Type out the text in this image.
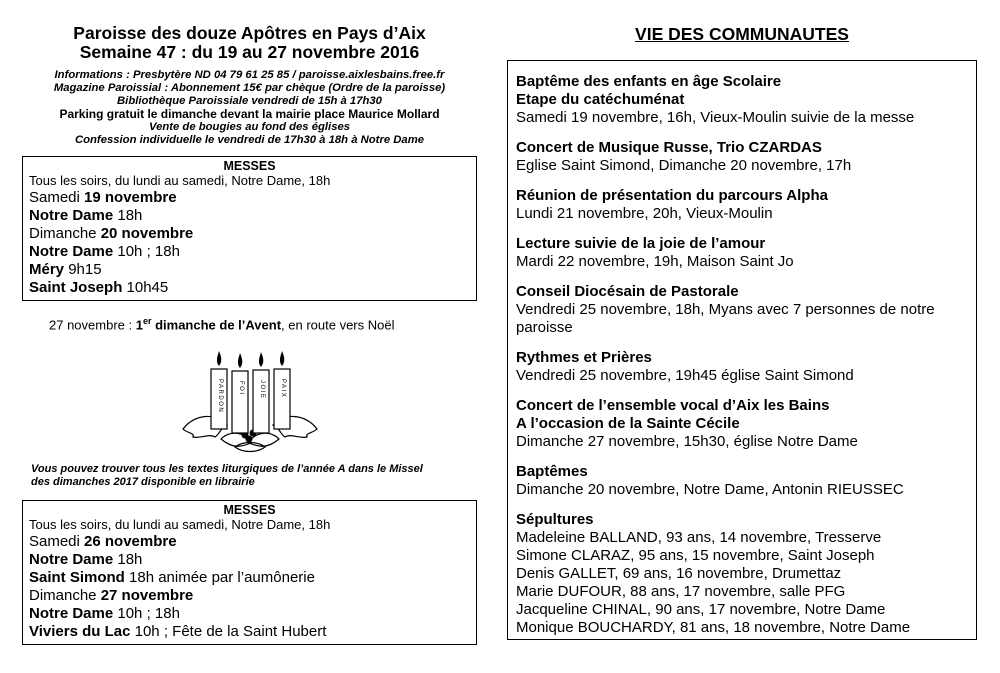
Paroisse des douze Apôtres en Pays d’Aix
Semaine 47 : du 19 au 27 novembre 2016
Informations : Presbytère ND 04 79 61 25 85 / paroisse.aixlesbains.free.fr
Magazine Paroissial : Abonnement 15€ par chèque (Ordre de la paroisse)
Bibliothèque Paroissiale vendredi de 15h à 17h30
Parking gratuit le dimanche devant la mairie place Maurice Mollard
Vente de bougies au fond des églises
Confession individuelle le vendredi de 17h30 à 18h à Notre Dame
MESSES
Tous les soirs, du lundi au samedi, Notre Dame, 18h
Samedi 19 novembre
Notre Dame 18h
Dimanche 20 novembre
Notre Dame 10h ; 18h
Méry 9h15
Saint Joseph 10h45
27 novembre : 1er dimanche de l’Avent, en route vers Noël
PARDON	FOI	JOIE	PAIX
Vous pouvez trouver tous les textes liturgiques de l’année A dans le Missel
des dimanches 2017 disponible en librairie
MESSES
Tous les soirs, du lundi au samedi, Notre Dame, 18h
Samedi 26 novembre
Notre Dame 18h
Saint Simond 18h animée par l’aumônerie
Dimanche 27 novembre
Notre Dame 10h ; 18h
Viviers du Lac 10h ; Fête de la Saint Hubert
VIE DES COMMUNAUTES
Baptême des enfants en âge Scolaire
Etape du catéchuménat
Samedi 19 novembre, 16h, Vieux-Moulin suivie de la messe
Concert de Musique Russe, Trio CZARDAS
Eglise Saint Simond, Dimanche 20 novembre, 17h
Réunion de présentation du parcours Alpha
Lundi 21 novembre, 20h, Vieux-Moulin
Lecture suivie de la joie de l’amour
Mardi 22 novembre, 19h, Maison Saint Jo
Conseil Diocésain de Pastorale
Vendredi 25 novembre, 18h, Myans avec 7 personnes de notre
paroisse
Rythmes et Prières
Vendredi 25 novembre, 19h45 église Saint Simond
Concert de l’ensemble vocal d’Aix les Bains
A l’occasion de la Sainte Cécile
Dimanche 27 novembre, 15h30, église Notre Dame
Baptêmes
Dimanche 20 novembre, Notre Dame, Antonin RIEUSSEC
Sépultures
Madeleine BALLAND, 93 ans, 14 novembre, Tresserve
Simone CLARAZ, 95 ans, 15 novembre, Saint Joseph
Denis GALLET, 69 ans, 16 novembre, Drumettaz
Marie DUFOUR, 88 ans, 17 novembre, salle PFG
Jacqueline CHINAL, 90 ans, 17 novembre, Notre Dame
Monique BOUCHARDY, 81 ans, 18 novembre, Notre Dame
